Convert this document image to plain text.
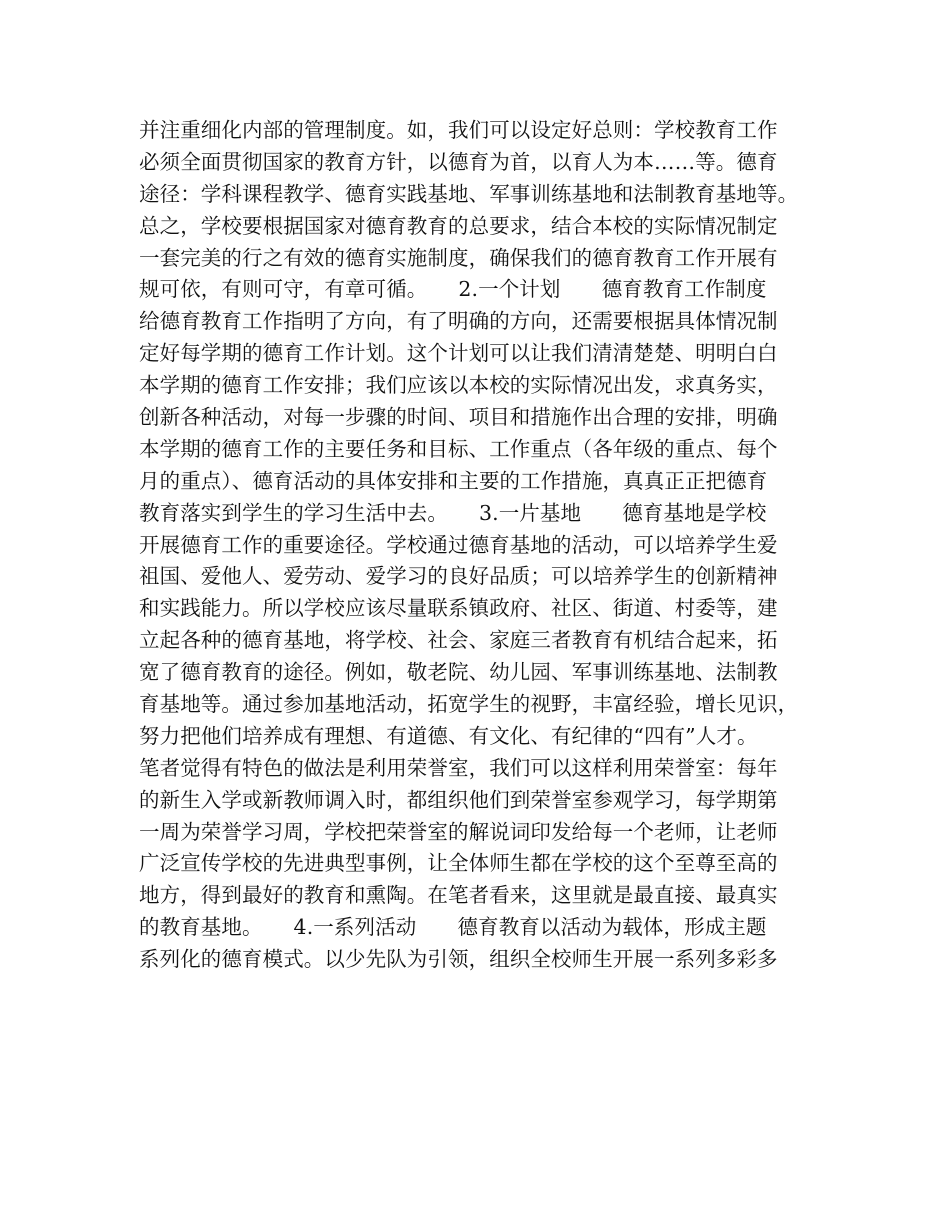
并注重细化内部的管理制度。如，我们可以设定好总则：学校教育工作
必须全面贯彻国家的教育方针，以德育为首，以育人为本……等。德育
途径：学科课程教学、德育实践基地、军事训练基地和法制教育基地等。
总之，学校要根据国家对德育教育的总要求，结合本校的实际情况制定
一套完美的行之有效的德育实施制度，确保我们的德育教育工作开展有
规可依，有则可守，有章可循。　　2.一个计划　　德育教育工作制度
给德育教育工作指明了方向，有了明确的方向，还需要根据具体情况制
定好每学期的德育工作计划。这个计划可以让我们清清楚楚、明明白白
本学期的德育工作安排；我们应该以本校的实际情况出发，求真务实，
创新各种活动，对每一步骤的时间、项目和措施作出合理的安排，明确
本学期的德育工作的主要任务和目标、工作重点（各年级的重点、每个
月的重点）、德育活动的具体安排和主要的工作措施，真真正正把德育
教育落实到学生的学习生活中去。　　3.一片基地　　德育基地是学校
开展德育工作的重要途径。学校通过德育基地的活动，可以培养学生爱
祖国、爱他人、爱劳动、爱学习的良好品质；可以培养学生的创新精神
和实践能力。所以学校应该尽量联系镇政府、社区、街道、村委等，建
立起各种的德育基地，将学校、社会、家庭三者教育有机结合起来，拓
宽了德育教育的途径。例如，敬老院、幼儿园、军事训练基地、法制教
育基地等。通过参加基地活动，拓宽学生的视野，丰富经验，增长见识，
努力把他们培养成有理想、有道德、有文化、有纪律的“四有”人才。
笔者觉得有特色的做法是利用荣誉室，我们可以这样利用荣誉室：每年
的新生入学或新教师调入时，都组织他们到荣誉室参观学习，每学期第
一周为荣誉学习周，学校把荣誉室的解说词印发给每一个老师，让老师
广泛宣传学校的先进典型事例，让全体师生都在学校的这个至尊至高的
地方，得到最好的教育和熏陶。在笔者看来，这里就是最直接、最真实
的教育基地。　　4.一系列活动　　德育教育以活动为载体，形成主题
系列化的德育模式。以少先队为引领，组织全校师生开展一系列多彩多
